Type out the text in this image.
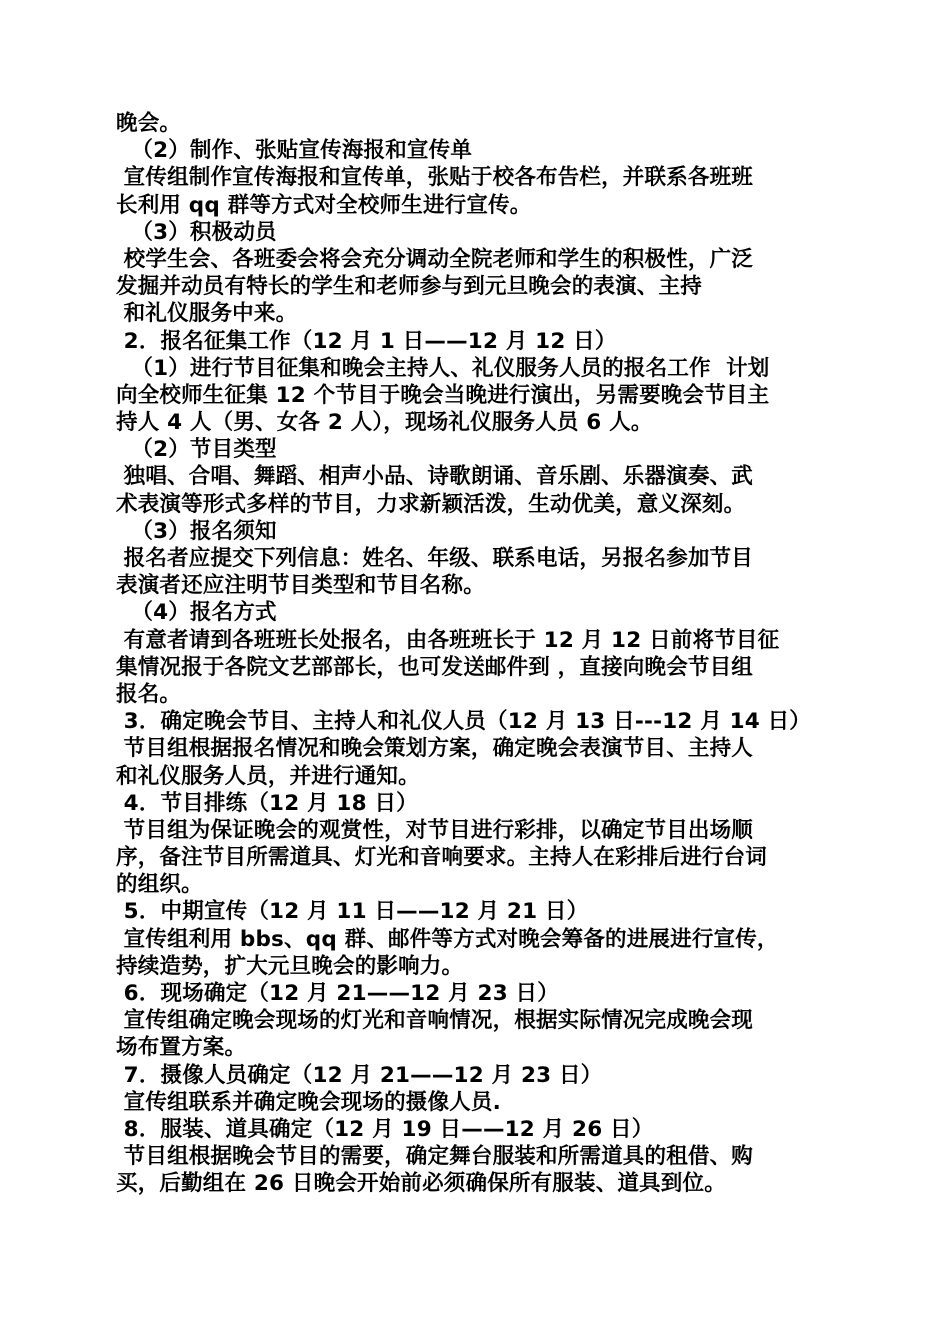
晚会。
（2）制作、张贴宣传海报和宣传单
宣传组制作宣传海报和宣传单，张贴于校各布告栏，并联系各班班
长利用 qq 群等方式对全校师生进行宣传。
（3）积极动员
校学生会、各班委会将会充分调动全院老师和学生的积极性，广泛
发掘并动员有特长的学生和老师参与到元旦晚会的表演、主持
和礼仪服务中来。
2．报名征集工作（12 月 1 日——12 月 12 日）
（1）进行节目征集和晚会主持人、礼仪服务人员的报名工作  计划
向全校师生征集 12 个节目于晚会当晚进行演出，另需要晚会节目主
持人 4 人（男、女各 2 人），现场礼仪服务人员 6 人。
（2）节目类型
独唱、合唱、舞蹈、相声小品、诗歌朗诵、音乐剧、乐器演奏、武
术表演等形式多样的节目，力求新颖活泼，生动优美，意义深刻。
（3）报名须知
报名者应提交下列信息：姓名、年级、联系电话，另报名参加节目
表演者还应注明节目类型和节目名称。
（4）报名方式
有意者请到各班班长处报名，由各班班长于 12 月 12 日前将节目征
集情况报于各院文艺部部长，也可发送邮件到 ，直接向晚会节目组
报名。
3．确定晚会节目、主持人和礼仪人员（12 月 13 日---12 月 14 日）
节目组根据报名情况和晚会策划方案，确定晚会表演节目、主持人
和礼仪服务人员，并进行通知。
4．节目排练（12 月 18 日）
节目组为保证晚会的观赏性，对节目进行彩排，以确定节目出场顺
序，备注节目所需道具、灯光和音响要求。主持人在彩排后进行台词
的组织。
5．中期宣传（12 月 11 日——12 月 21 日）
宣传组利用 bbs、qq 群、邮件等方式对晚会筹备的进展进行宣传，
持续造势，扩大元旦晚会的影响力。
6．现场确定（12 月 21——12 月 23 日）
宣传组确定晚会现场的灯光和音响情况，根据实际情况完成晚会现
场布置方案。
7．摄像人员确定（12 月 21——12 月 23 日）
宣传组联系并确定晚会现场的摄像人员.
8．服装、道具确定（12 月 19 日——12 月 26 日）
节目组根据晚会节目的需要，确定舞台服装和所需道具的租借、购
买，后勤组在 26 日晚会开始前必须确保所有服装、道具到位。
